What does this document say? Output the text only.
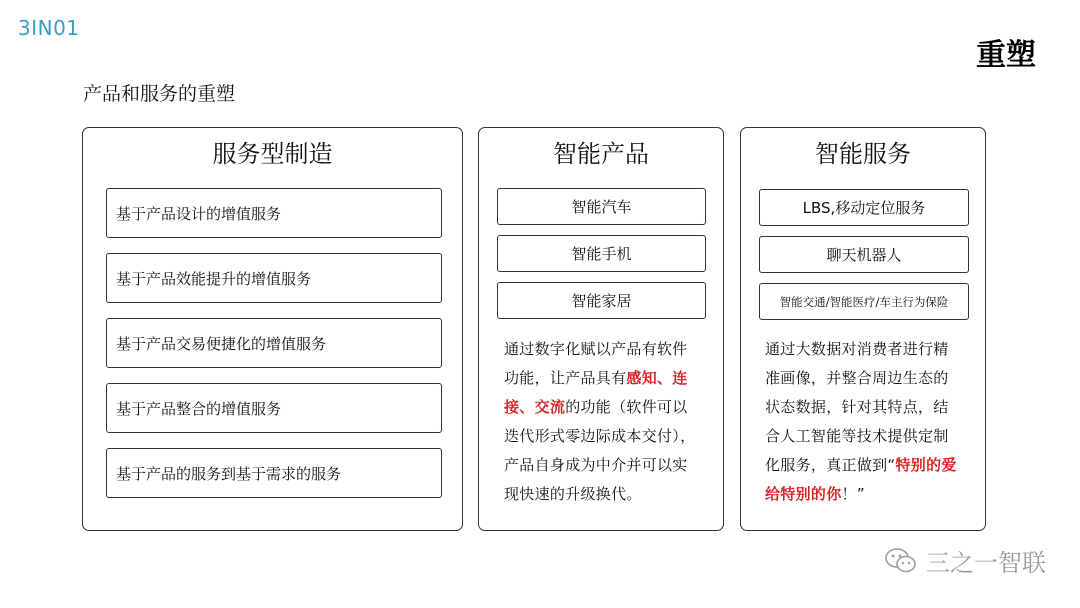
3IN01
重塑
产品和服务的重塑
服务型制造
基于产品设计的增值服务
基于产品效能提升的增值服务
基于产品交易便捷化的增值服务
基于产品整合的增值服务
基于产品的服务到基于需求的服务
智能产品
智能汽车
智能手机
智能家居
通过数字化赋以产品有软件功能，让产品具有感知、连接、交流的功能（软件可以迭代形式零边际成本交付），产品自身成为中介并可以实现快速的升级换代。
智能服务
LBS,移动定位服务
聊天机器人
智能交通/智能医疗/车主行为保险
通过大数据对消费者进行精准画像，并整合周边生态的状态数据，针对其特点，结合人工智能等技术提供定制化服务，真正做到“特别的爱给特别的你！”
三之一智联
